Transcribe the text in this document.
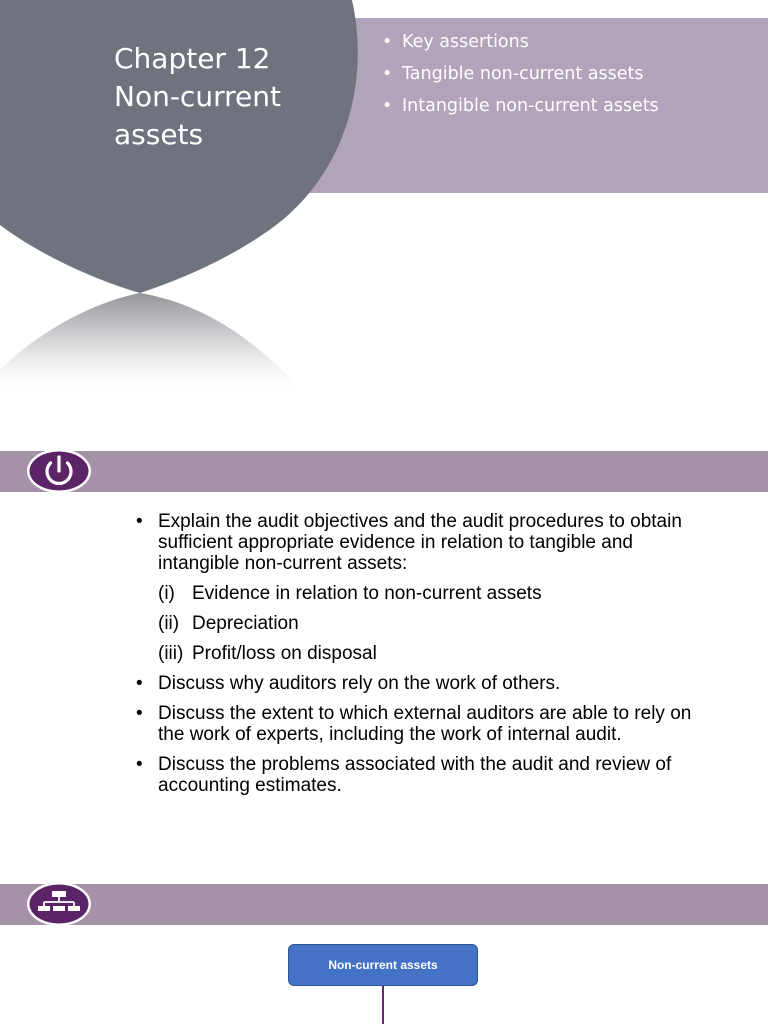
Chapter 12
Non-current
assets
• Key assertions
• Tangible non-current assets
• Intangible non-current assets
• Explain the audit objectives and the audit procedures to obtain sufficient appropriate evidence in relation to tangible and intangible non-current assets:
(i) Evidence in relation to non-current assets
(ii) Depreciation
(iii) Profit/loss on disposal
• Discuss why auditors rely on the work of others.
• Discuss the extent to which external auditors are able to rely on the work of experts, including the work of internal audit.
• Discuss the problems associated with the audit and review of accounting estimates.
Non-current assets
